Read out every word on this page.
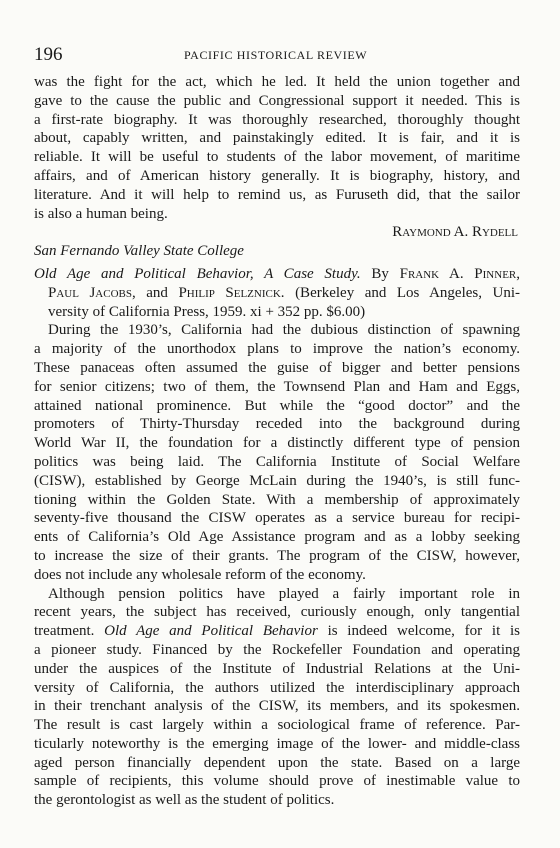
196	PACIFIC HISTORICAL REVIEW
was the fight for the act, which he led. It held the union together and
gave to the cause the public and Congressional support it needed. This is
a first-rate biography. It was thoroughly researched, thoroughly thought
about, capably written, and painstakingly edited. It is fair, and it is
reliable. It will be useful to students of the labor movement, of maritime
affairs, and of American history generally. It is biography, history, and
literature. And it will help to remind us, as Furuseth did, that the sailor
is also a human being.
Raymond A. Rydell
San Fernando Valley State College
Old Age and Political Behavior, A Case Study. By Frank A. Pinner,
Paul Jacobs, and Philip Selznick. (Berkeley and Los Angeles, Uni-
versity of California Press, 1959. xi + 352 pp. $6.00)
During the 1930’s, California had the dubious distinction of spawning
a majority of the unorthodox plans to improve the nation’s economy.
These panaceas often assumed the guise of bigger and better pensions
for senior citizens; two of them, the Townsend Plan and Ham and Eggs,
attained national prominence. But while the “good doctor” and the
promoters of Thirty-Thursday receded into the background during
World War II, the foundation for a distinctly different type of pension
politics was being laid. The California Institute of Social Welfare
(CISW), established by George McLain during the 1940’s, is still func-
tioning within the Golden State. With a membership of approximately
seventy-five thousand the CISW operates as a service bureau for recipi-
ents of California’s Old Age Assistance program and as a lobby seeking
to increase the size of their grants. The program of the CISW, however,
does not include any wholesale reform of the economy.
Although pension politics have played a fairly important role in
recent years, the subject has received, curiously enough, only tangential
treatment. Old Age and Political Behavior is indeed welcome, for it is
a pioneer study. Financed by the Rockefeller Foundation and operating
under the auspices of the Institute of Industrial Relations at the Uni-
versity of California, the authors utilized the interdisciplinary approach
in their trenchant analysis of the CISW, its members, and its spokesmen.
The result is cast largely within a sociological frame of reference. Par-
ticularly noteworthy is the emerging image of the lower- and middle-class
aged person financially dependent upon the state. Based on a large
sample of recipients, this volume should prove of inestimable value to
the gerontologist as well as the student of politics.
